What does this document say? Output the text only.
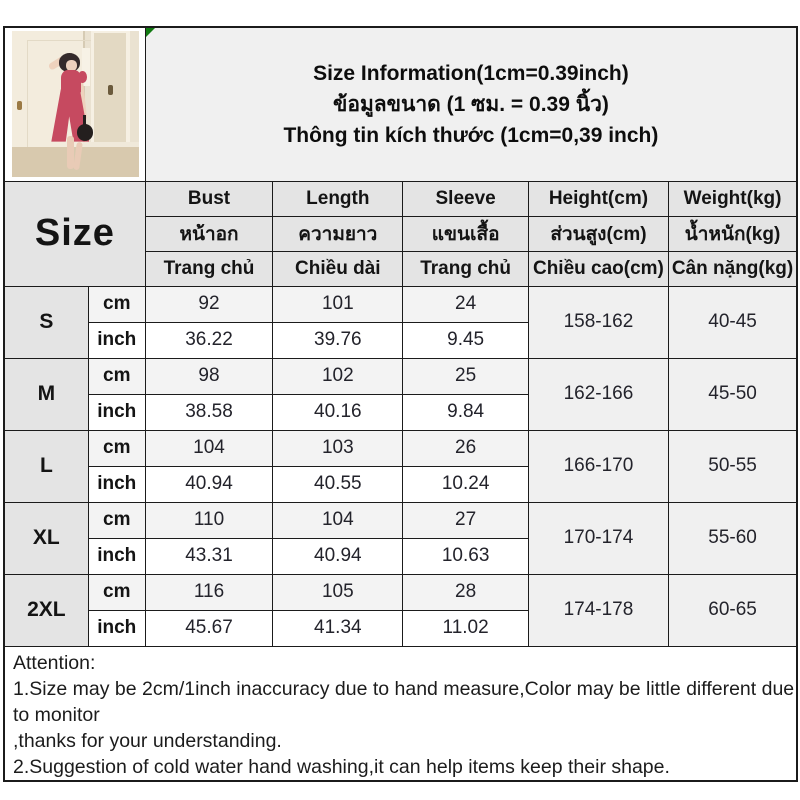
		Size Information(1cm=0.39inch)
ข้อมูลขนาด (1 ซม. = 0.39 นิ้ว)
Thông tin kích thước (1cm=0,39 inch)				

Size		Bust	Length	Sleeve	Height(cm)	Weight(kg)
		หน้าอก	ความยาว	แขนเสื้อ	ส่วนสูง(cm)	น้ำหนัก(kg)
		Trang chủ	Chiều dài	Trang chủ	Chiều cao(cm)	Cân nặng(kg)
S	cm	92	101	24	158-162	40-45
	inch	36.22	39.76	9.45		
M	cm	98	102	25	162-166	45-50
	inch	38.58	40.16	9.84		
L	cm	104	103	26	166-170	50-55
	inch	40.94	40.55	10.24		
XL	cm	110	104	27	170-174	55-60
	inch	43.31	40.94	10.63		
2XL	cm	116	105	28	174-178	60-65
	inch	45.67	41.34	11.02		

Attention:
1.Size may be 2cm/1inch inaccuracy due to hand measure,Color may be little different due to monitor
,thanks for your understanding.
2.Suggestion of cold water hand washing,it can help items keep their shape.						
